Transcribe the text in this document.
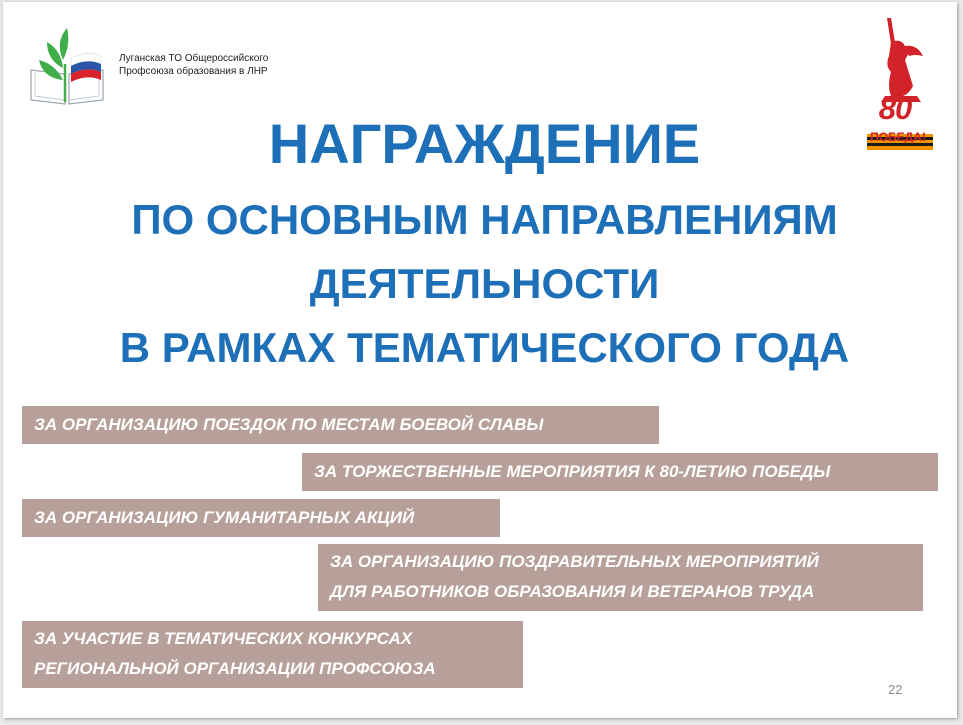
Луганская ТО Общероссийского
Профсоюза образования в ЛНР
80
ПОБЕДА!
НАГРАЖДЕНИЕ
ПО ОСНОВНЫМ НАПРАВЛЕНИЯМ
ДЕЯТЕЛЬНОСТИ
В РАМКАХ ТЕМАТИЧЕСКОГО ГОДА
ЗА ОРГАНИЗАЦИЮ ПОЕЗДОК ПО МЕСТАМ БОЕВОЙ СЛАВЫ
ЗА ТОРЖЕСТВЕННЫЕ МЕРОПРИЯТИЯ К 80-ЛЕТИЮ ПОБЕДЫ
ЗА ОРГАНИЗАЦИЮ ГУМАНИТАРНЫХ АКЦИЙ
ЗА ОРГАНИЗАЦИЮ ПОЗДРАВИТЕЛЬНЫХ МЕРОПРИЯТИЙ
ДЛЯ РАБОТНИКОВ ОБРАЗОВАНИЯ И ВЕТЕРАНОВ ТРУДА
ЗА УЧАСТИЕ В ТЕМАТИЧЕСКИХ КОНКУРСАХ
РЕГИОНАЛЬНОЙ ОРГАНИЗАЦИИ ПРОФСОЮЗА
22
